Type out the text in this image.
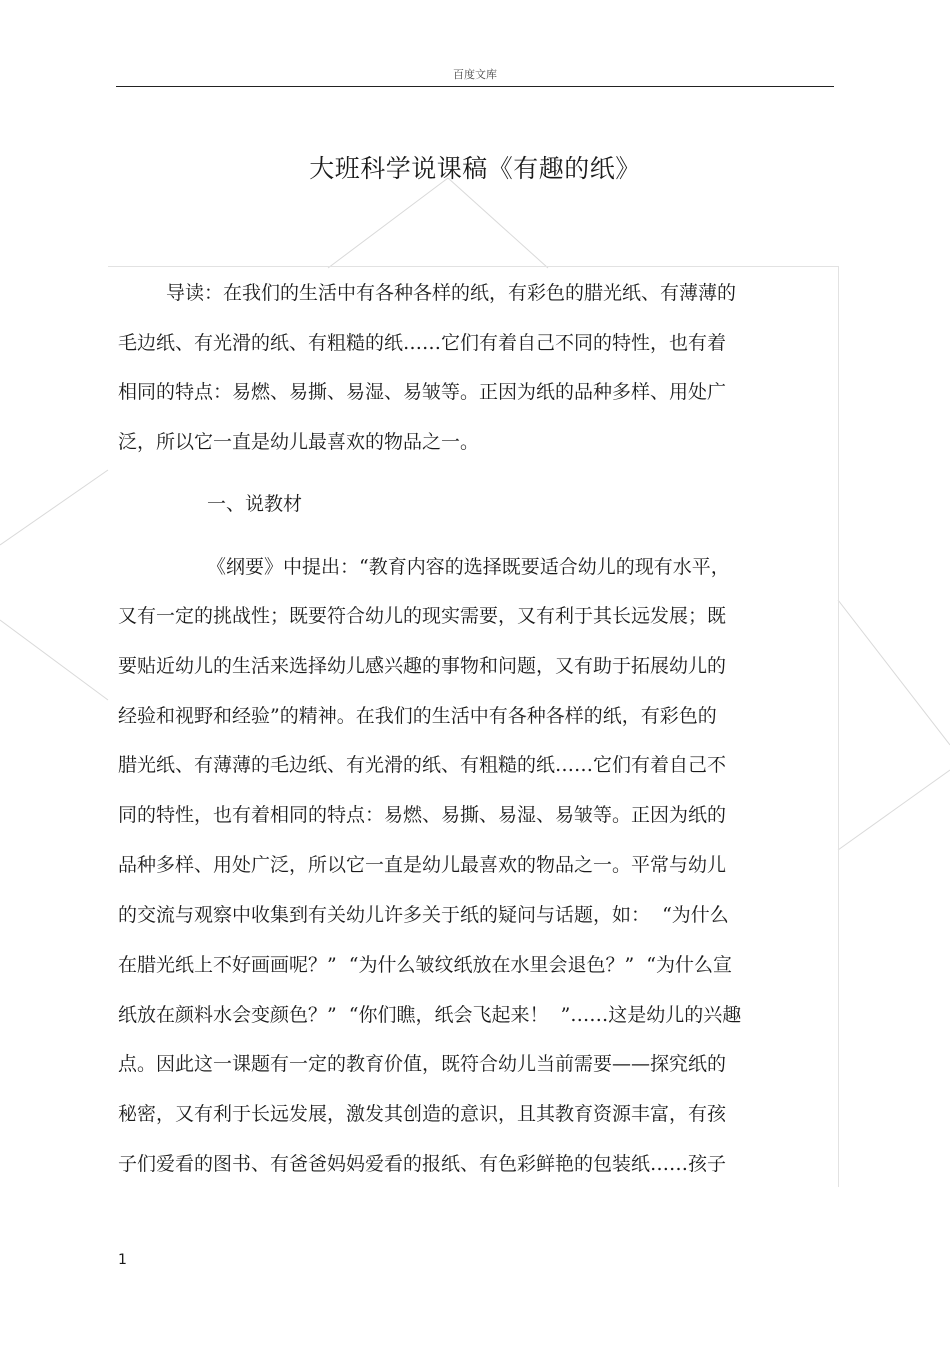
百度文库
大班科学说课稿《有趣的纸》
导读：在我们的生活中有各种各样的纸，有彩色的腊光纸、有薄薄的
毛边纸、有光滑的纸、有粗糙的纸……它们有着自己不同的特性，也有着
相同的特点：易燃、易撕、易湿、易皱等。正因为纸的品种多样、用处广
泛，所以它一直是幼儿最喜欢的物品之一。
一、说教材
《纲要》中提出：“教育内容的选择既要适合幼儿的现有水平，
又有一定的挑战性；既要符合幼儿的现实需要，又有利于其长远发展；既
要贴近幼儿的生活来选择幼儿感兴趣的事物和问题，又有助于拓展幼儿的
经验和视野和经验”的精神。在我们的生活中有各种各样的纸，有彩色的
腊光纸、有薄薄的毛边纸、有光滑的纸、有粗糙的纸……它们有着自己不
同的特性，也有着相同的特点：易燃、易撕、易湿、易皱等。正因为纸的
品种多样、用处广泛，所以它一直是幼儿最喜欢的物品之一。平常与幼儿
的交流与观察中收集到有关幼儿许多关于纸的疑问与话题，如：  “为什么
在腊光纸上不好画画呢？”  “为什么皱纹纸放在水里会退色？”  “为什么宣
纸放在颜料水会变颜色？”  “你们瞧，纸会飞起来！  ”……这是幼儿的兴趣
点。因此这一课题有一定的教育价值，既符合幼儿当前需要——探究纸的
秘密，又有利于长远发展，激发其创造的意识，且其教育资源丰富，有孩
子们爱看的图书、有爸爸妈妈爱看的报纸、有色彩鲜艳的包装纸……孩子
1
